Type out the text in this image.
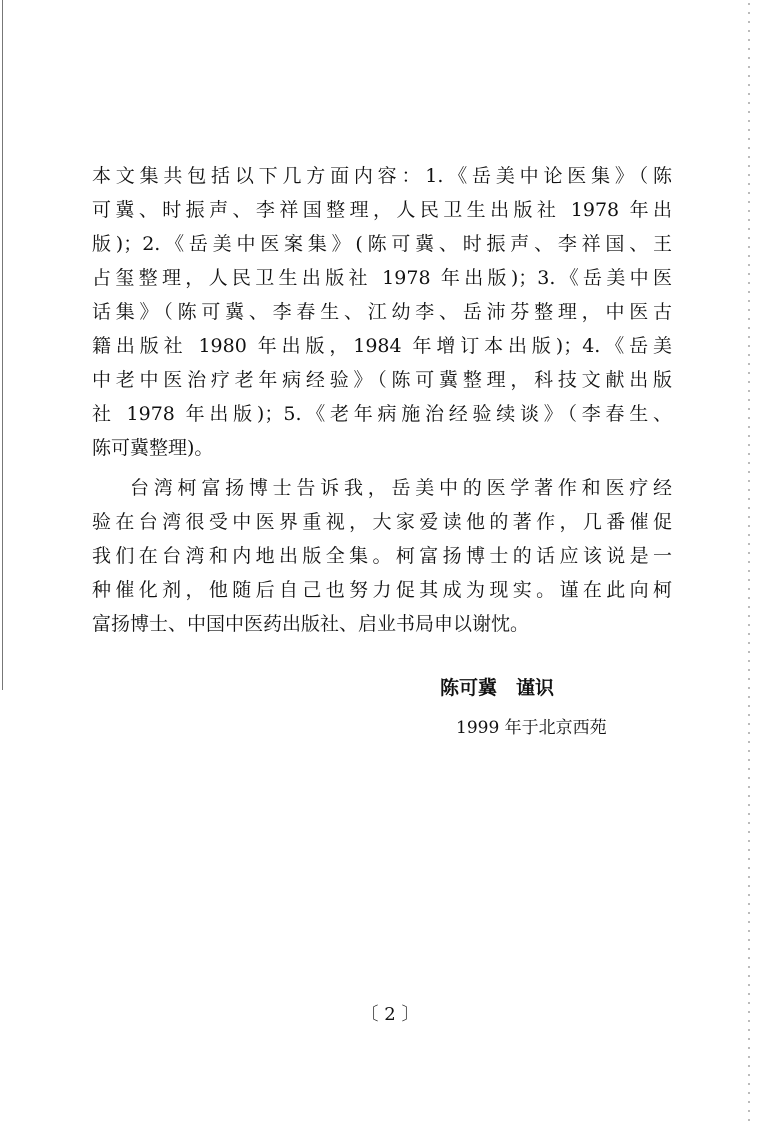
本文集共包括以下几方面内容：1.《岳美中论医集》（陈
可冀、时振声、李祥国整理，人民卫生出版社 1978 年出
版)；2.《岳美中医案集》(陈可冀、时振声、李祥国、王
占玺整理，人民卫生出版社 1978 年出版)；3.《岳美中医
话集》（陈可冀、李春生、江幼李、岳沛芬整理，中医古
籍出版社 1980 年出版，1984 年增订本出版)；4.《岳美
中老中医治疗老年病经验》（陈可冀整理，科技文献出版
社 1978 年出版)；5.《老年病施治经验续谈》（李春生、
陈可冀整理)。
台湾柯富扬博士告诉我，岳美中的医学著作和医疗经
验在台湾很受中医界重视，大家爱读他的著作，几番催促
我们在台湾和内地出版全集。柯富扬博士的话应该说是一
种催化剂，他随后自己也努力促其成为现实。谨在此向柯
富扬博士、中国中医药出版社、启业书局申以谢忱。
陈可冀　谨识
1999 年于北京西苑
〔 2 〕
